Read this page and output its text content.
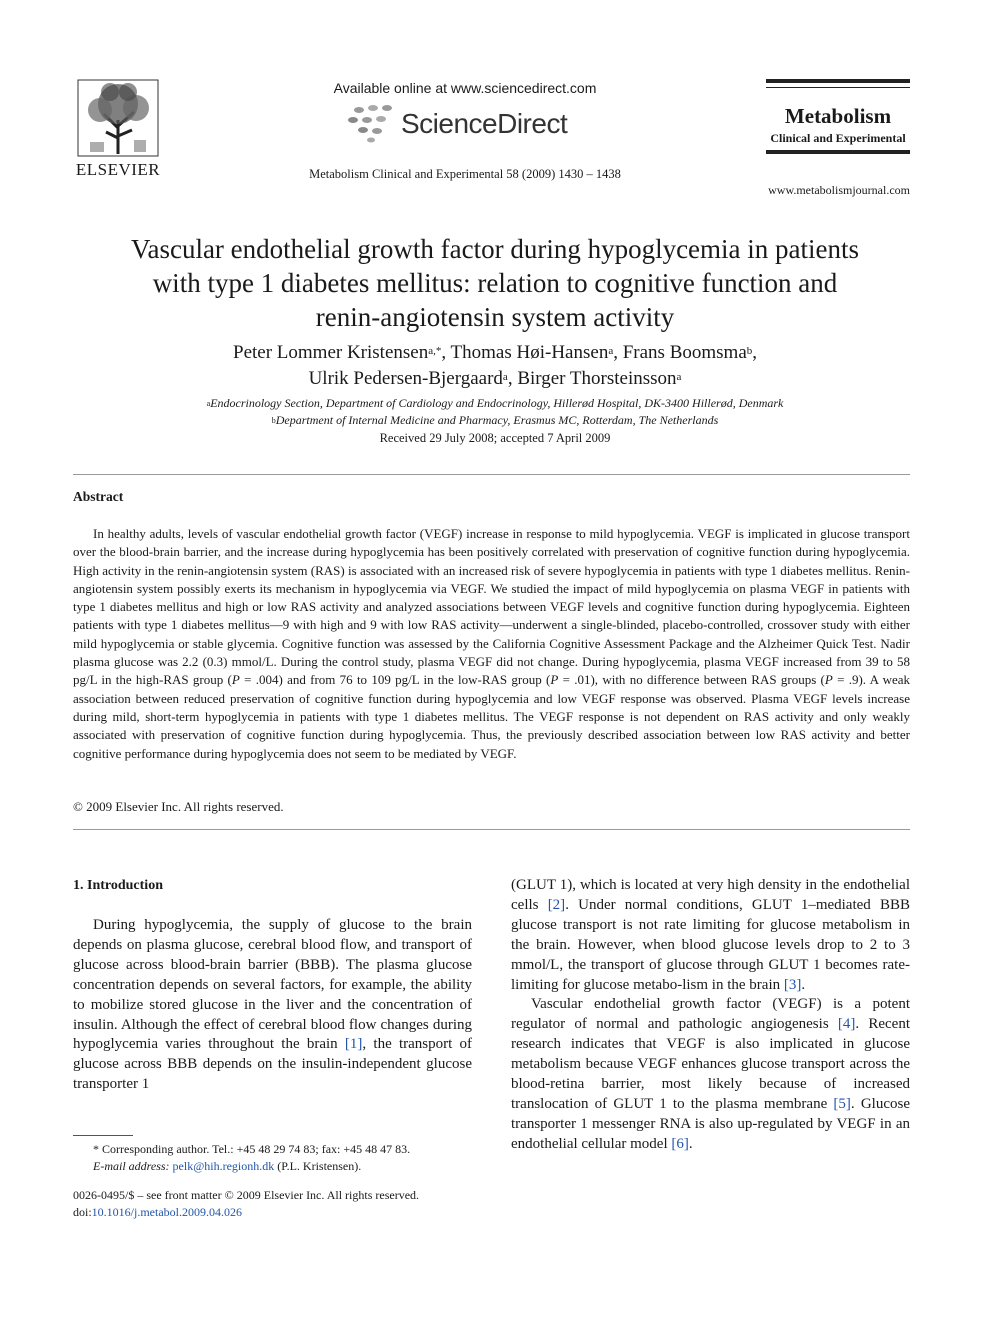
ELSEVIER
Available online at www.sciencedirect.com
ScienceDirect
Metabolism Clinical and Experimental 58 (2009) 1430 – 1438
Metabolism
Clinical and Experimental
www.metabolismjournal.com
Vascular endothelial growth factor during hypoglycemia in patients
with type 1 diabetes mellitus: relation to cognitive function and
renin-angiotensin system activity
Peter Lommer Kristensen$^{a,*}$, Thomas Høi-Hansen$^a$, Frans Boomsma$^b$,
Ulrik Pedersen-Bjergaard$^a$, Birger Thorsteinsson$^a$
$^a$Endocrinology Section, Department of Cardiology and Endocrinology, Hillerød Hospital, DK-3400 Hillerød, Denmark
$^b$Department of Internal Medicine and Pharmacy, Erasmus MC, Rotterdam, The Netherlands
Received 29 July 2008; accepted 7 April 2009
Abstract
In healthy adults, levels of vascular endothelial growth factor (VEGF) increase in response to mild hypoglycemia. VEGF is implicated in glucose transport over the blood-brain barrier, and the increase during hypoglycemia has been positively correlated with preservation of cognitive function during hypoglycemia. High activity in the renin-angiotensin system (RAS) is associated with an increased risk of severe hypoglycemia in patients with type 1 diabetes mellitus. Renin-angiotensin system possibly exerts its mechanism in hypoglycemia via VEGF. We studied the impact of mild hypoglycemia on plasma VEGF in patients with type 1 diabetes mellitus and high or low RAS activity and analyzed associations between VEGF levels and cognitive function during hypoglycemia. Eighteen patients with type 1 diabetes mellitus—9 with high and 9 with low RAS activity—underwent a single-blinded, placebo-controlled, crossover study with either mild hypoglycemia or stable glycemia. Cognitive function was assessed by the California Cognitive Assessment Package and the Alzheimer Quick Test. Nadir plasma glucose was 2.2 (0.3) mmol/L. During the control study, plasma VEGF did not change. During hypoglycemia, plasma VEGF increased from 39 to 58 pg/L in the high-RAS group (P = .004) and from 76 to 109 pg/L in the low-RAS group (P = .01), with no difference between RAS groups (P = .9). A weak association between reduced preservation of cognitive function during hypoglycemia and low VEGF response was observed. Plasma VEGF levels increase during mild, short-term hypoglycemia in patients with type 1 diabetes mellitus. The VEGF response is not dependent on RAS activity and only weakly associated with preservation of cognitive function during hypoglycemia. Thus, the previously described association between low RAS activity and better cognitive performance during hypoglycemia does not seem to be mediated by VEGF.
© 2009 Elsevier Inc. All rights reserved.
1. Introduction

During hypoglycemia, the supply of glucose to the brain depends on plasma glucose, cerebral blood flow, and transport of glucose across blood-brain barrier (BBB). The plasma glucose concentration depends on several factors, for example, the ability to mobilize stored glucose in the liver and the concentration of insulin. Although the effect of cerebral blood flow changes during hypoglycemia varies throughout the brain [1], the transport of glucose across BBB depends on the insulin-independent glucose transporter 1

(GLUT 1), which is located at very high density in the endothelial cells [2]. Under normal conditions, GLUT 1–mediated BBB glucose transport is not rate limiting for glucose metabolism in the brain. However, when blood glucose levels drop to 2 to 3 mmol/L, the transport of glucose through GLUT 1 becomes rate-limiting for glucose metabo-lism in the brain [3].

Vascular endothelial growth factor (VEGF) is a potent regulator of normal and pathologic angiogenesis [4]. Recent research indicates that VEGF is also implicated in glucose metabolism because VEGF enhances glucose transport across the blood-retina barrier, most likely because of increased translocation of GLUT 1 to the plasma membrane [5]. Glucose transporter 1 messenger RNA is also up-regulated by VEGF in an endothelial cellular model [6].

* Corresponding author. Tel.: +45 48 29 74 83; fax: +45 48 47 83.
E-mail address: pelk@hih.regionh.dk (P.L. Kristensen).
0026-0495/$ – see front matter © 2009 Elsevier Inc. All rights reserved.
doi:10.1016/j.metabol.2009.04.026
